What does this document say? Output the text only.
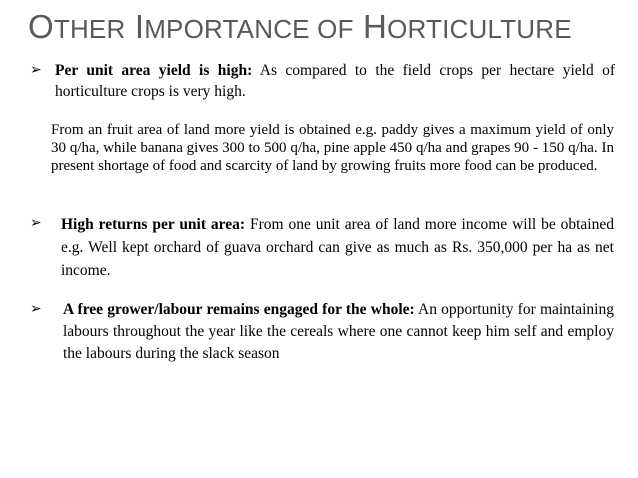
OTHER IMPORTANCE OF HORTICULTURE
➢ Per unit area yield is high: As compared to the field crops per hectare yield of horticulture crops is very high.
From an fruit area of land more yield is obtained e.g. paddy gives a maximum yield of only 30 q/ha, while banana gives 300 to 500 q/ha, pine apple 450 q/ha and grapes 90 - 150 q/ha. In present shortage of food and scarcity of land by growing fruits more food can be produced.
➢ High returns per unit area: From one unit area of land more income will be obtained e.g. Well kept orchard of guava orchard can give as much as Rs. 350,000 per ha as net income.
➢ A free grower/labour remains engaged for the whole: An opportunity for maintaining labours throughout the year like the cereals where one cannot keep him self and employ the labours during the slack season
